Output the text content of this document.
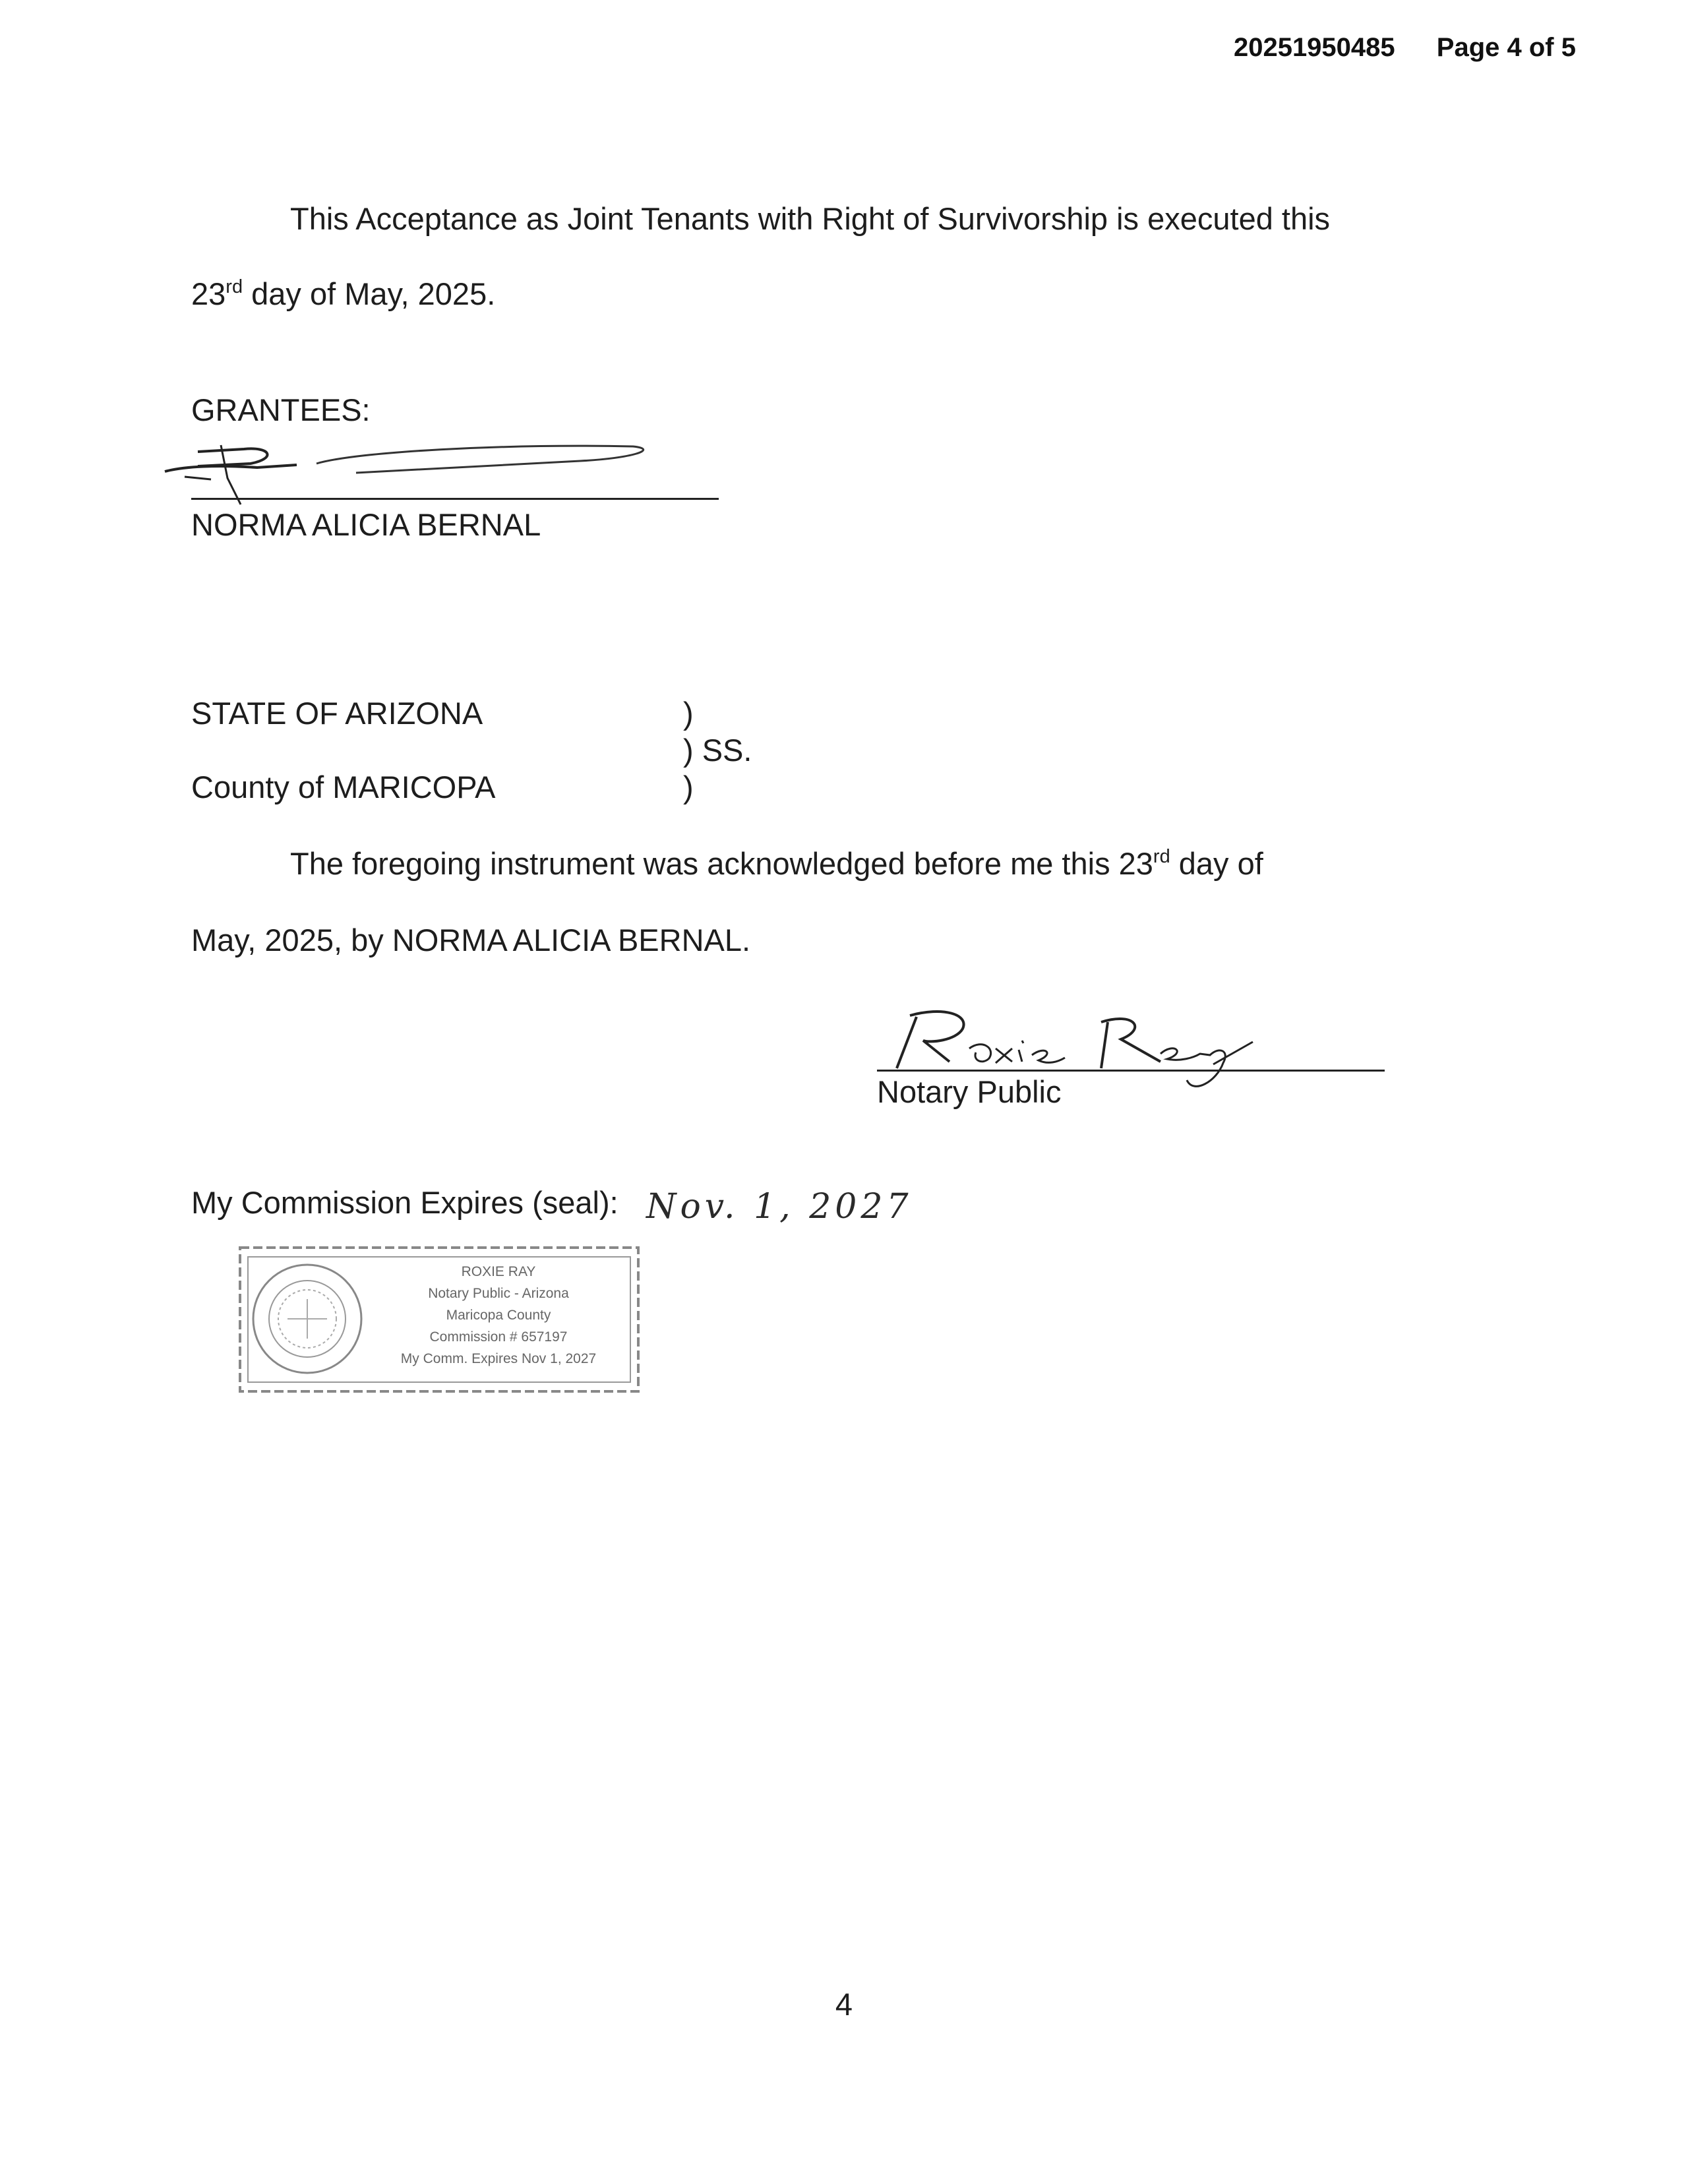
20251950485 Page 4 of 5
This Acceptance as Joint Tenants with Right of Survivorship is executed this
23rd day of May, 2025.
GRANTEES:
NORMA ALICIA BERNAL
STATE OF ARIZONA	)
) SS.
County of MARICOPA	)
The foregoing instrument was acknowledged before me this 23rd day of
May, 2025, by NORMA ALICIA BERNAL.
Notary Public
My Commission Expires (seal): Nov. 1, 2027
ROXIE RAY
Notary Public - Arizona
Maricopa County
Commission # 657197
My Comm. Expires Nov 1, 2027
4
